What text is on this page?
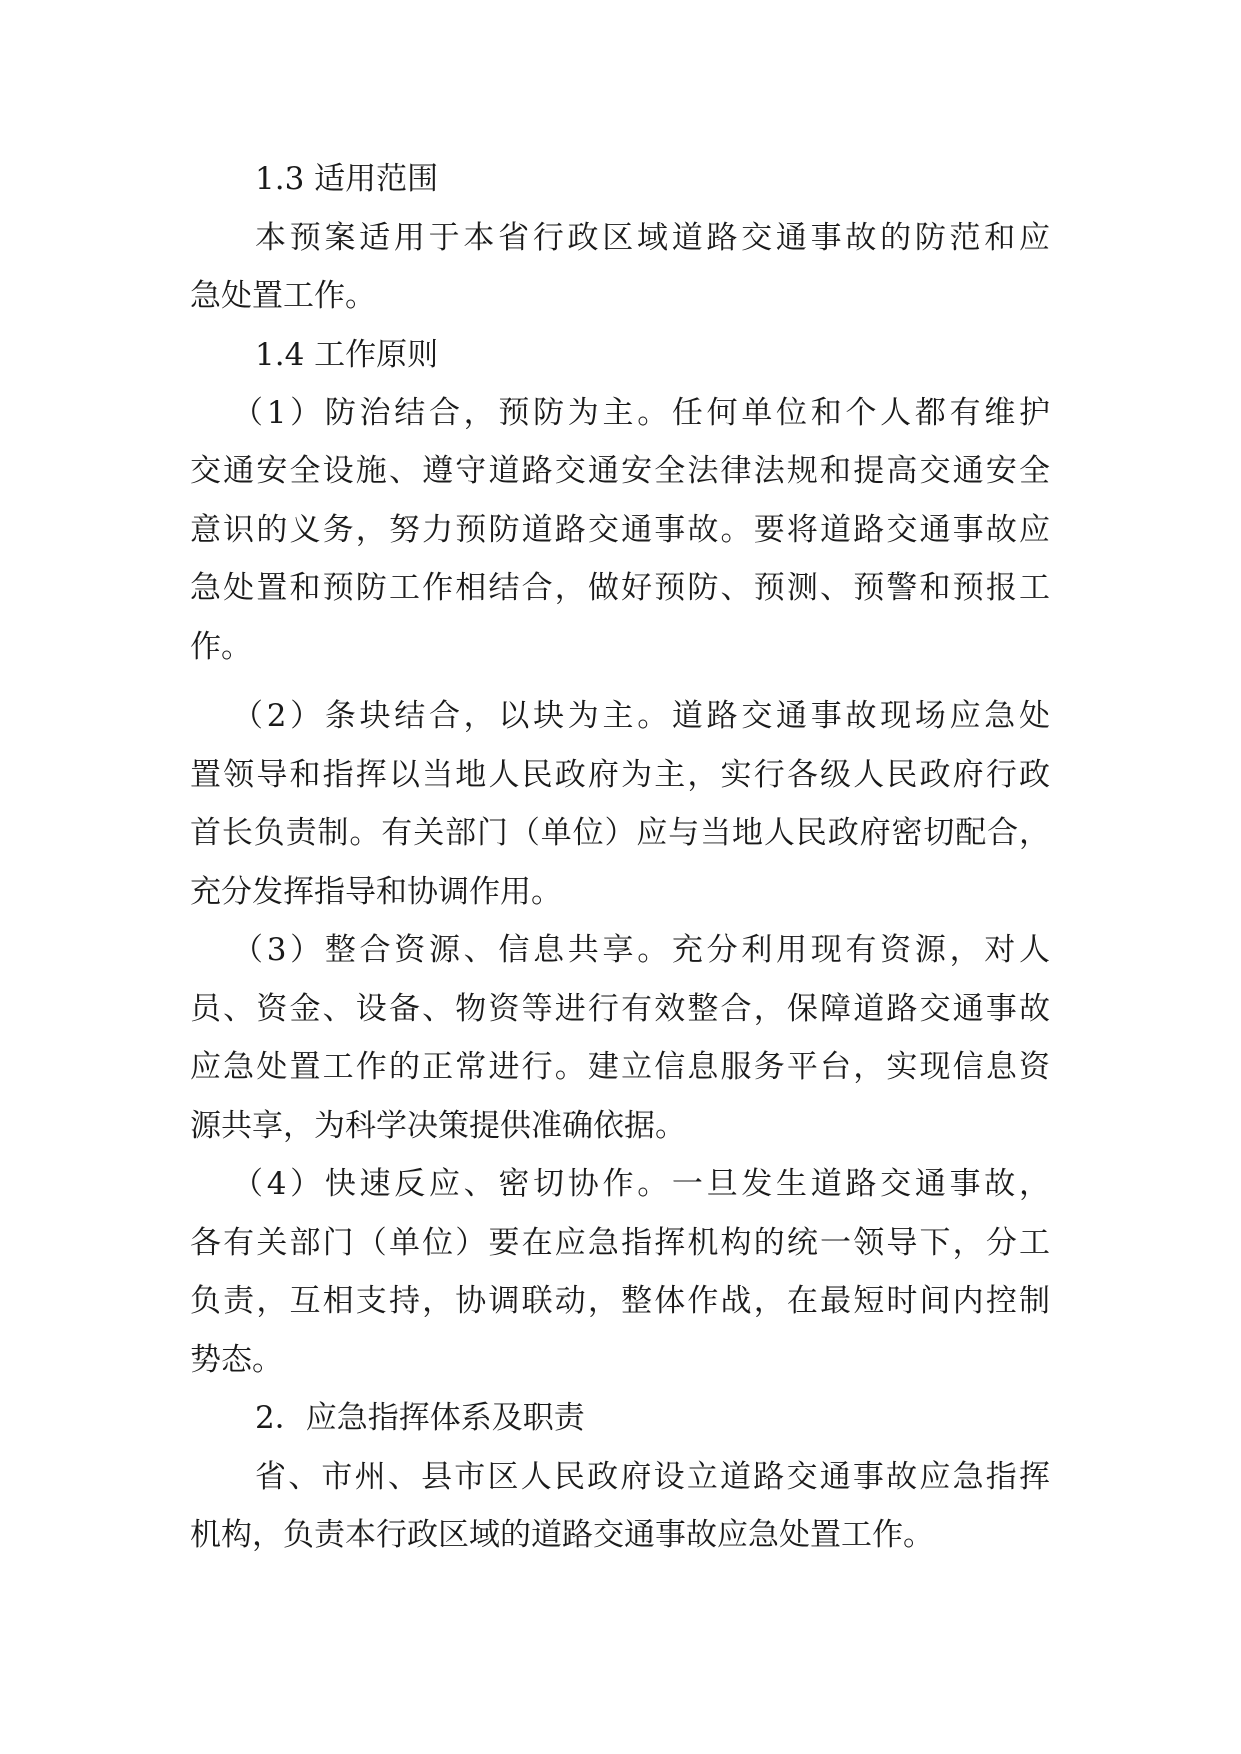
1.3 适用范围
本预案适用于本省行政区域道路交通事故的防范和应
急处置工作。
1.4 工作原则
（1）防治结合，预防为主。任何单位和个人都有维护
交通安全设施、遵守道路交通安全法律法规和提高交通安全
意识的义务，努力预防道路交通事故。要将道路交通事故应
急处置和预防工作相结合，做好预防、预测、预警和预报工
作。
（2）条块结合，以块为主。道路交通事故现场应急处
置领导和指挥以当地人民政府为主，实行各级人民政府行政
首长负责制。有关部门（单位）应与当地人民政府密切配合，
充分发挥指导和协调作用。
（3）整合资源、信息共享。充分利用现有资源，对人
员、资金、设备、物资等进行有效整合，保障道路交通事故
应急处置工作的正常进行。建立信息服务平台，实现信息资
源共享，为科学决策提供准确依据。
（4）快速反应、密切协作。一旦发生道路交通事故，
各有关部门（单位）要在应急指挥机构的统一领导下，分工
负责，互相支持，协调联动，整体作战，在最短时间内控制
势态。
2．应急指挥体系及职责
省、市州、县市区人民政府设立道路交通事故应急指挥
机构，负责本行政区域的道路交通事故应急处置工作。
